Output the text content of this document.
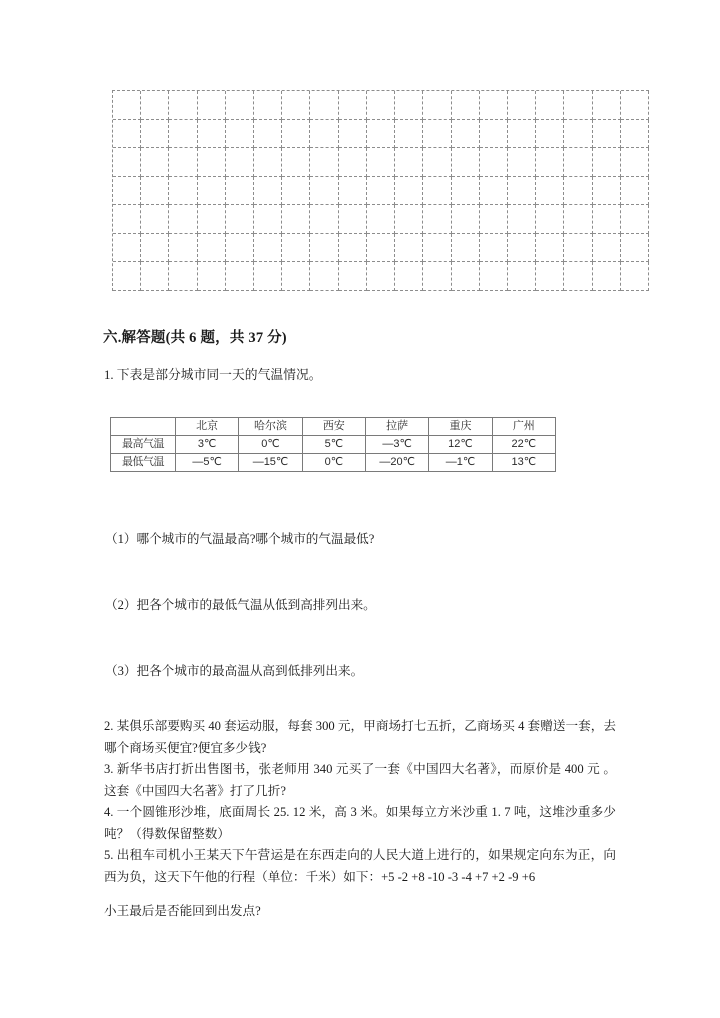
六.解答题(共 6 题，共 37 分)
1. 下表是部分城市同一天的气温情况。
	北京	哈尔滨	西安	拉萨	重庆	广州
最高气温	3℃	0℃	5℃	—3℃	12℃	22℃
最低气温	—5℃	—15℃	0℃	—20℃	—1℃	13℃
（1）哪个城市的气温最高?哪个城市的气温最低?
（2）把各个城市的最低气温从低到高排列出来。
（3）把各个城市的最高温从高到低排列出来。

2. 某俱乐部要购买 40 套运动服，每套 300 元，甲商场打七五折，乙商场买 4 套赠送一套，去哪个商场买便宜?便宜多少钱?

3. 新华书店打折出售图书，张老师用 340 元买了一套《中国四大名著》，而原价是 400 元 。这套《中国四大名著》打了几折?

4. 一个圆锥形沙堆，底面周长 25. 12 米，高 3 米。如果每立方米沙重 1. 7 吨，这堆沙重多少吨？（得数保留整数）

5. 出租车司机小王某天下午营运是在东西走向的人民大道上进行的，如果规定向东为正，向西为负，这天下午他的行程（单位：千米）如下：+5 -2 +8 -10 -3 -4 +7 +2 -9 +6

小王最后是否能回到出发点?
